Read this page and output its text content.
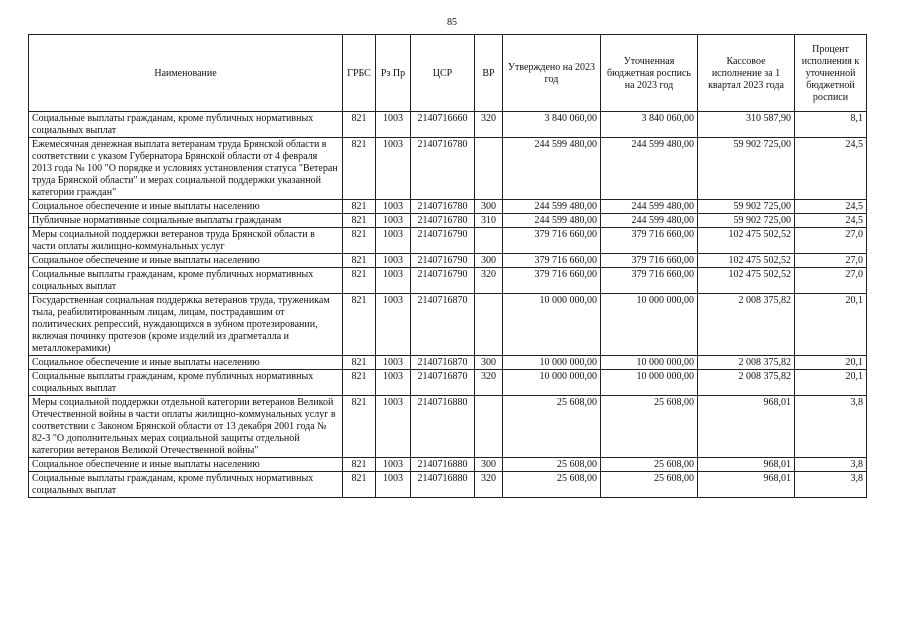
85
Наименование	ГРБС	Рз Пр	ЦСР	ВР	Утверждено на 2023 год	Уточненная бюджетная роспись на 2023 год	Кассовое исполнение за 1 квартал 2023 года	Процент исполнения к уточненной бюджетной росписи
Социальные выплаты гражданам, кроме публичных нормативных социальных выплат	821	1003	2140716660	320	3 840 060,00	3 840 060,00	310 587,90	8,1
Ежемесячная денежная выплата ветеранам труда Брянской области в соответствии с указом Губернатора Брянской области от 4 февраля 2013 года № 100 "О порядке и условиях установления статуса "Ветеран труда Брянской области" и мерах социальной поддержки указанной категории граждан"	821	1003	2140716780		244 599 480,00	244 599 480,00	59 902 725,00	24,5
Социальное обеспечение и иные выплаты населению	821	1003	2140716780	300	244 599 480,00	244 599 480,00	59 902 725,00	24,5
Публичные нормативные социальные выплаты гражданам	821	1003	2140716780	310	244 599 480,00	244 599 480,00	59 902 725,00	24,5
Меры социальной поддержки ветеранов труда Брянской области в части оплаты жилищно-коммунальных услуг	821	1003	2140716790		379 716 660,00	379 716 660,00	102 475 502,52	27,0
Социальное обеспечение и иные выплаты населению	821	1003	2140716790	300	379 716 660,00	379 716 660,00	102 475 502,52	27,0
Социальные выплаты гражданам, кроме публичных нормативных социальных выплат	821	1003	2140716790	320	379 716 660,00	379 716 660,00	102 475 502,52	27,0
Государственная социальная поддержка ветеранов труда, труженикам тыла, реабилитированным лицам, лицам, пострадавшим от политических репрессий, нуждающихся в зубном протезировании, включая починку протезов (кроме изделий из драгметалла и металлокерамики)	821	1003	2140716870		10 000 000,00	10 000 000,00	2 008 375,82	20,1
Социальное обеспечение и иные выплаты населению	821	1003	2140716870	300	10 000 000,00	10 000 000,00	2 008 375,82	20,1
Социальные выплаты гражданам, кроме публичных нормативных социальных выплат	821	1003	2140716870	320	10 000 000,00	10 000 000,00	2 008 375,82	20,1
Меры социальной поддержки отдельной категории ветеранов Великой Отечественной войны в части оплаты жилищно-коммунальных услуг в соответствии с Законом Брянской области от 13 декабря 2001 года № 82-З "О дополнительных мерах социальной защиты отдельной категории ветеранов Великой Отечественной войны"	821	1003	2140716880		25 608,00	25 608,00	968,01	3,8
Социальное обеспечение и иные выплаты населению	821	1003	2140716880	300	25 608,00	25 608,00	968,01	3,8
Социальные выплаты гражданам, кроме публичных нормативных социальных выплат	821	1003	2140716880	320	25 608,00	25 608,00	968,01	3,8
